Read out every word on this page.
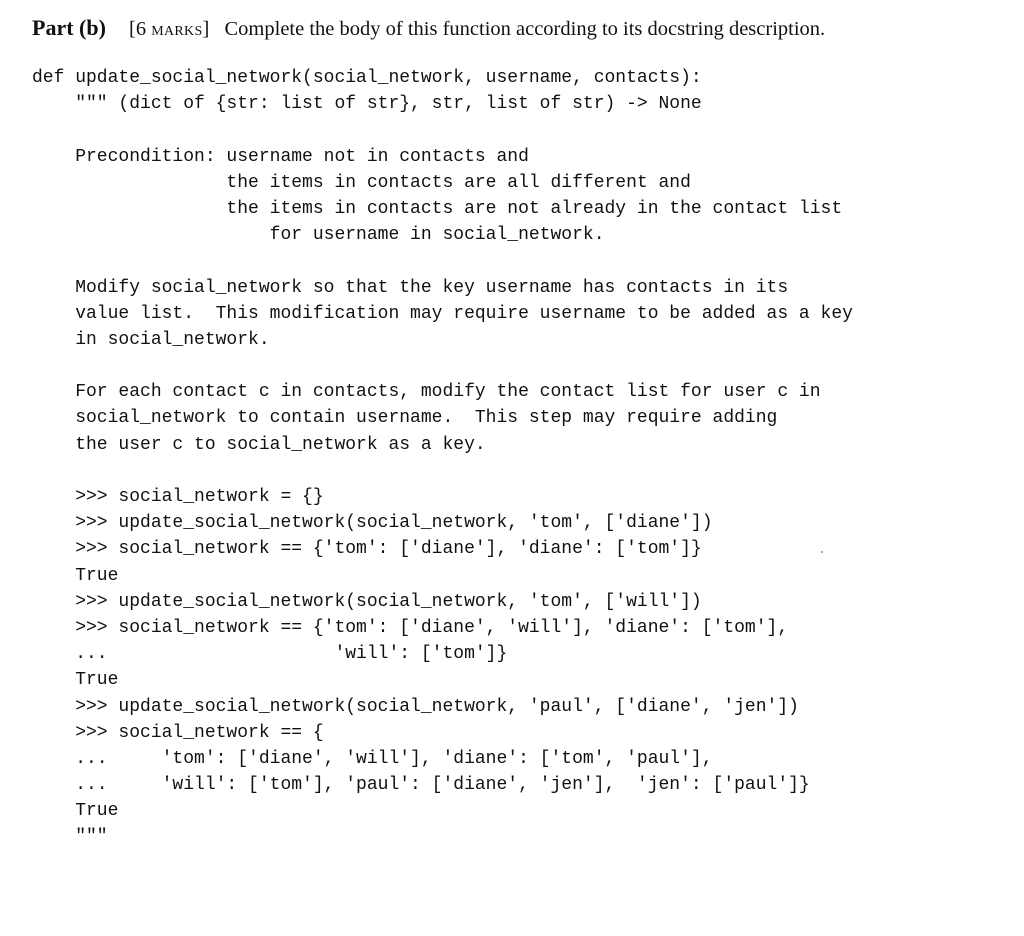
Part (b) [6 marks] Complete the body of this function according to its docstring description.
def update_social_network(social_network, username, contacts):
""" (dict of {str: list of str}, str, list of str) -> None
Precondition: username not in contacts and
the items in contacts are all different and
the items in contacts are not already in the contact list
for username in social_network.
Modify social_network so that the key username has contacts in its
value list.  This modification may require username to be added as a key
in social_network.
For each contact c in contacts, modify the contact list for user c in
social_network to contain username.  This step may require adding
the user c to social_network as a key.
>>> social_network = {}
>>> update_social_network(social_network, 'tom', ['diane'])
>>> social_network == {'tom': ['diane'], 'diane': ['tom']}
True
>>> update_social_network(social_network, 'tom', ['will'])
>>> social_network == {'tom': ['diane', 'will'], 'diane': ['tom'],
...                     'will': ['tom']}
True
>>> update_social_network(social_network, 'paul', ['diane', 'jen'])
>>> social_network == {
...     'tom': ['diane', 'will'], 'diane': ['tom', 'paul'],
...     'will': ['tom'], 'paul': ['diane', 'jen'],  'jen': ['paul']}
True
"""
